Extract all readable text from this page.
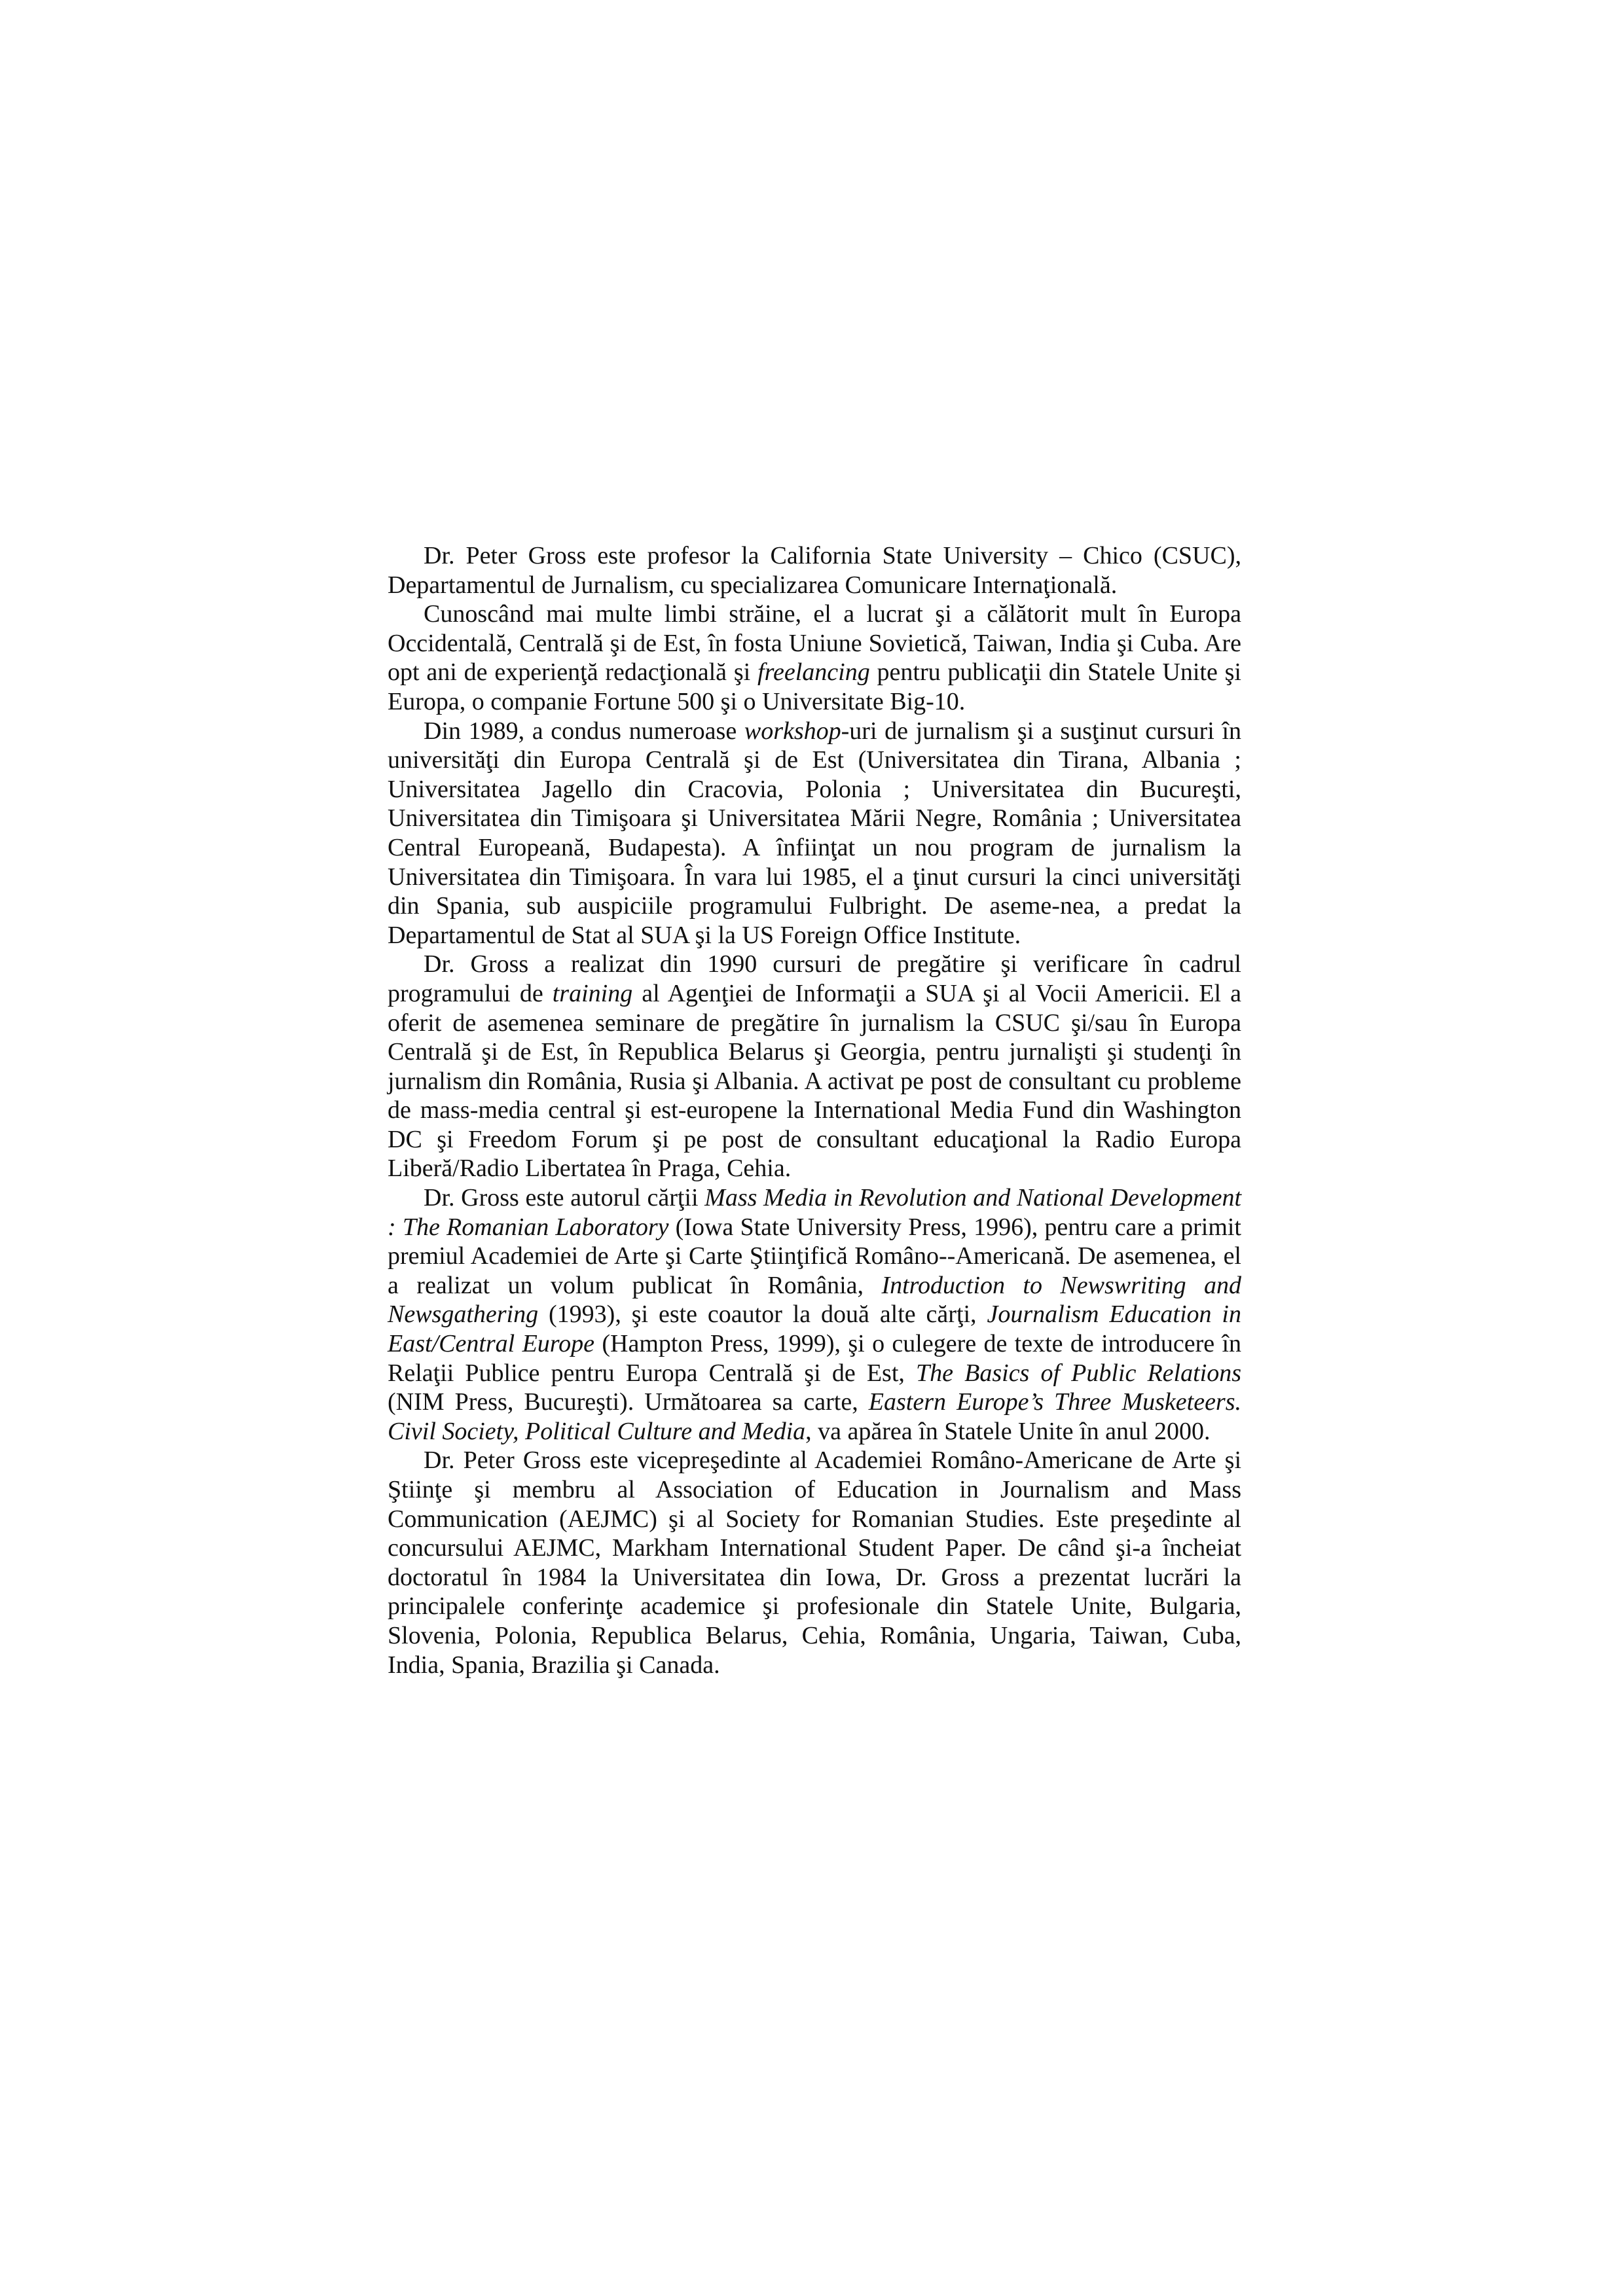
Dr. Peter Gross este profesor la California State University – Chico (CSUC), Departamentul de Jurnalism, cu specializarea Comunicare Internaţională.

Cunoscând mai multe limbi străine, el a lucrat şi a călătorit mult în Europa Occidentală, Centrală şi de Est, în fosta Uniune Sovietică, Taiwan, India şi Cuba. Are opt ani de experienţă redacţională şi freelancing pentru publicaţii din Statele Unite şi Europa, o companie Fortune 500 şi o Universitate Big-10.

Din 1989, a condus numeroase workshop-uri de jurnalism şi a susţinut cursuri în universităţi din Europa Centrală şi de Est (Universitatea din Tirana, Albania ; Universitatea Jagello din Cracovia, Polonia ; Universitatea din Bucureşti, Universitatea din Timişoara şi Universitatea Mării Negre, România ; Universitatea Central Europeană, Budapesta). A înfiinţat un nou program de jurnalism la Universitatea din Timişoara. În vara lui 1985, el a ţinut cursuri la cinci universităţi din Spania, sub auspiciile programului Fulbright. De aseme-nea, a predat la Departamentul de Stat al SUA şi la US Foreign Office Institute.

Dr. Gross a realizat din 1990 cursuri de pregătire şi verificare în cadrul programului de training al Agenţiei de Informaţii a SUA şi al Vocii Americii. El a oferit de asemenea seminare de pregătire în jurnalism la CSUC şi/sau în Europa Centrală şi de Est, în Republica Belarus şi Georgia, pentru jurnalişti şi studenţi în jurnalism din România, Rusia şi Albania. A activat pe post de consultant cu probleme de mass-media central şi est-europene la International Media Fund din Washington DC şi Freedom Forum şi pe post de consultant educaţional la Radio Europa Liberă/Radio Libertatea în Praga, Cehia.

Dr. Gross este autorul cărţii Mass Media in Revolution and National Development : The Romanian Laboratory (Iowa State University Press, 1996), pentru care a primit premiul Academiei de Arte şi Carte Ştiinţifică Româno--Americană. De asemenea, el a realizat un volum publicat în România, Introduction to Newswriting and Newsgathering (1993), şi este coautor la două alte cărţi, Journalism Education in East/Central Europe (Hampton Press, 1999), şi o culegere de texte de introducere în Relaţii Publice pentru Europa Centrală şi de Est, The Basics of Public Relations (NIM Press, Bucureşti). Următoarea sa carte, Eastern Europe’s Three Musketeers. Civil Society, Political Culture and Media, va apărea în Statele Unite în anul 2000.

Dr. Peter Gross este vicepreşedinte al Academiei Româno-Americane de Arte şi Ştiinţe şi membru al Association of Education in Journalism and Mass Communication (AEJMC) şi al Society for Romanian Studies. Este preşedinte al concursului AEJMC, Markham International Student Paper. De când şi-a încheiat doctoratul în 1984 la Universitatea din Iowa, Dr. Gross a prezentat lucrări la principalele conferinţe academice şi profesionale din Statele Unite, Bulgaria, Slovenia, Polonia, Republica Belarus, Cehia, România, Ungaria, Taiwan, Cuba, India, Spania, Brazilia şi Canada.
